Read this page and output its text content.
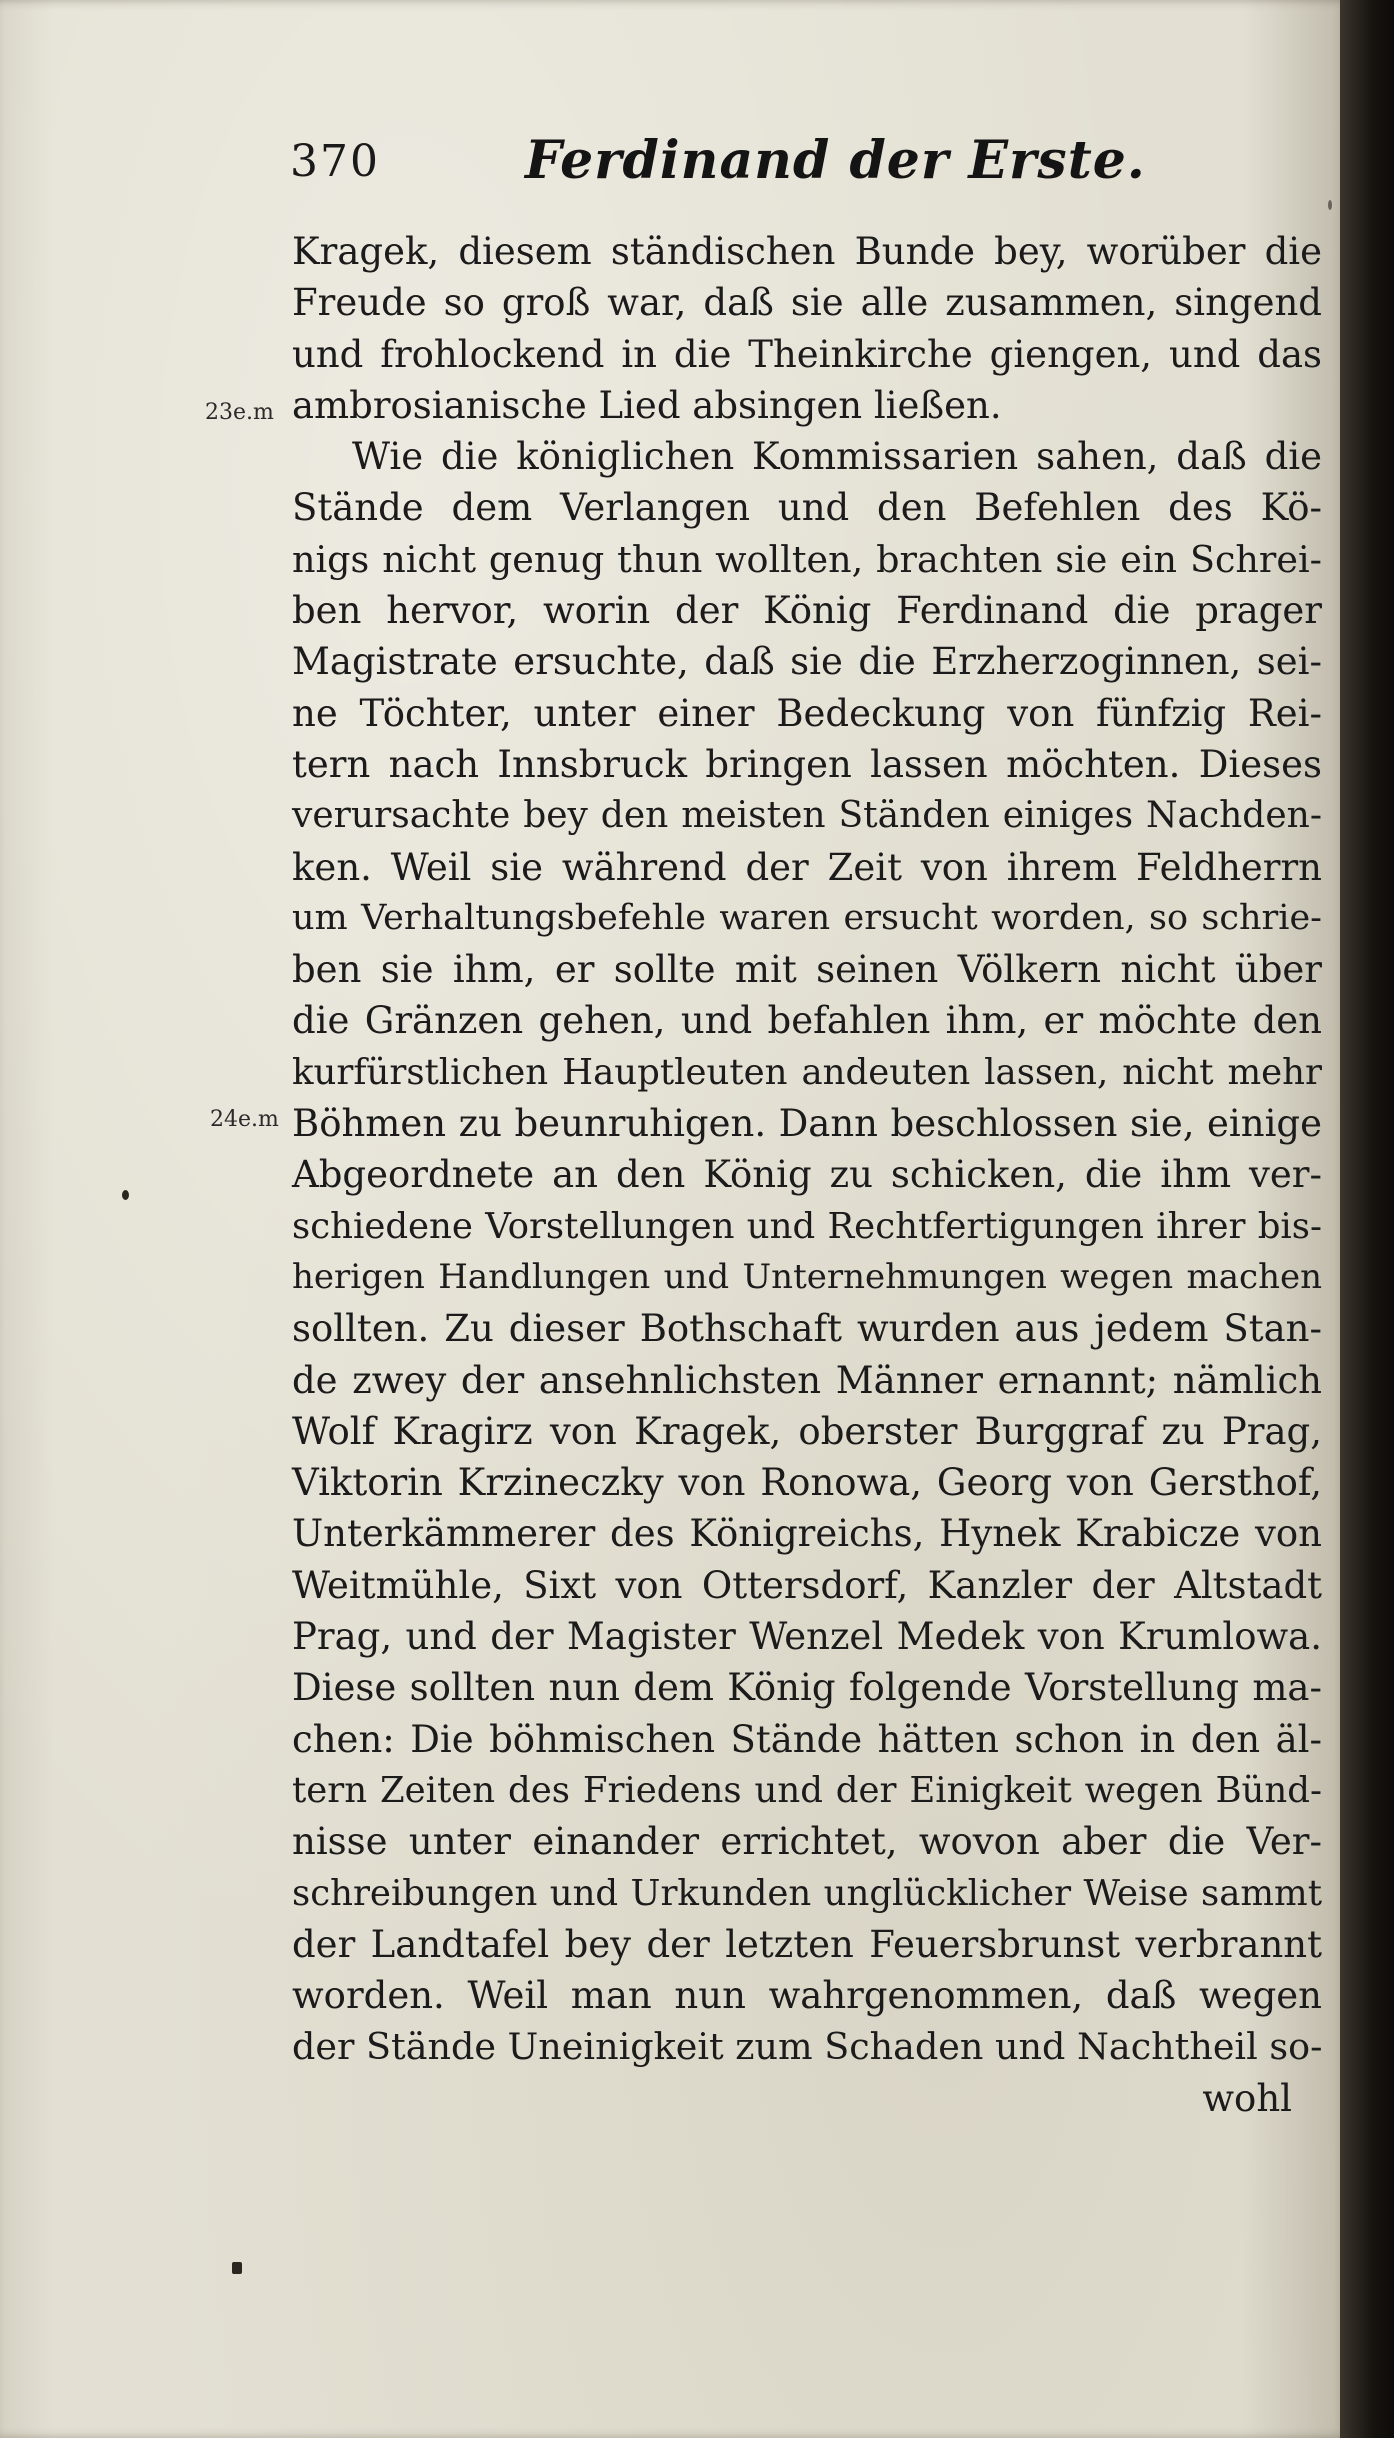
370	Ferdinand der Erste.
23e.m
24e.m
Kragek, diesem ständischen Bunde bey, worüber die
Freude so groß war, daß sie alle zusammen, singend
und frohlockend in die Theinkirche giengen, und das
ambrosianische Lied absingen ließen.
Wie die königlichen Kommissarien sahen, daß die
Stände dem Verlangen und den Befehlen des Kö-
nigs nicht genug thun wollten, brachten sie ein Schrei-
ben hervor, worin der König Ferdinand die prager
Magistrate ersuchte, daß sie die Erzherzoginnen, sei-
ne Töchter, unter einer Bedeckung von fünfzig Rei-
tern nach Innsbruck bringen lassen möchten. Dieses
verursachte bey den meisten Ständen einiges Nachden-
ken. Weil sie während der Zeit von ihrem Feldherrn
um Verhaltungsbefehle waren ersucht worden, so schrie-
ben sie ihm, er sollte mit seinen Völkern nicht über
die Gränzen gehen, und befahlen ihm, er möchte den
kurfürstlichen Hauptleuten andeuten lassen, nicht mehr
Böhmen zu beunruhigen. Dann beschlossen sie, einige
Abgeordnete an den König zu schicken, die ihm ver-
schiedene Vorstellungen und Rechtfertigungen ihrer bis-
herigen Handlungen und Unternehmungen wegen machen
sollten. Zu dieser Bothschaft wurden aus jedem Stan-
de zwey der ansehnlichsten Männer ernannt; nämlich
Wolf Kragirz von Kragek, oberster Burggraf zu Prag,
Viktorin Krzineczky von Ronowa, Georg von Gersthof,
Unterkämmerer des Königreichs, Hynek Krabicze von
Weitmühle, Sixt von Ottersdorf, Kanzler der Altstadt
Prag, und der Magister Wenzel Medek von Krumlowa.
Diese sollten nun dem König folgende Vorstellung ma-
chen: Die böhmischen Stände hätten schon in den äl-
tern Zeiten des Friedens und der Einigkeit wegen Bünd-
nisse unter einander errichtet, wovon aber die Ver-
schreibungen und Urkunden unglücklicher Weise sammt
der Landtafel bey der letzten Feuersbrunst verbrannt
worden. Weil man nun wahrgenommen, daß wegen
der Stände Uneinigkeit zum Schaden und Nachtheil so-
wohl
